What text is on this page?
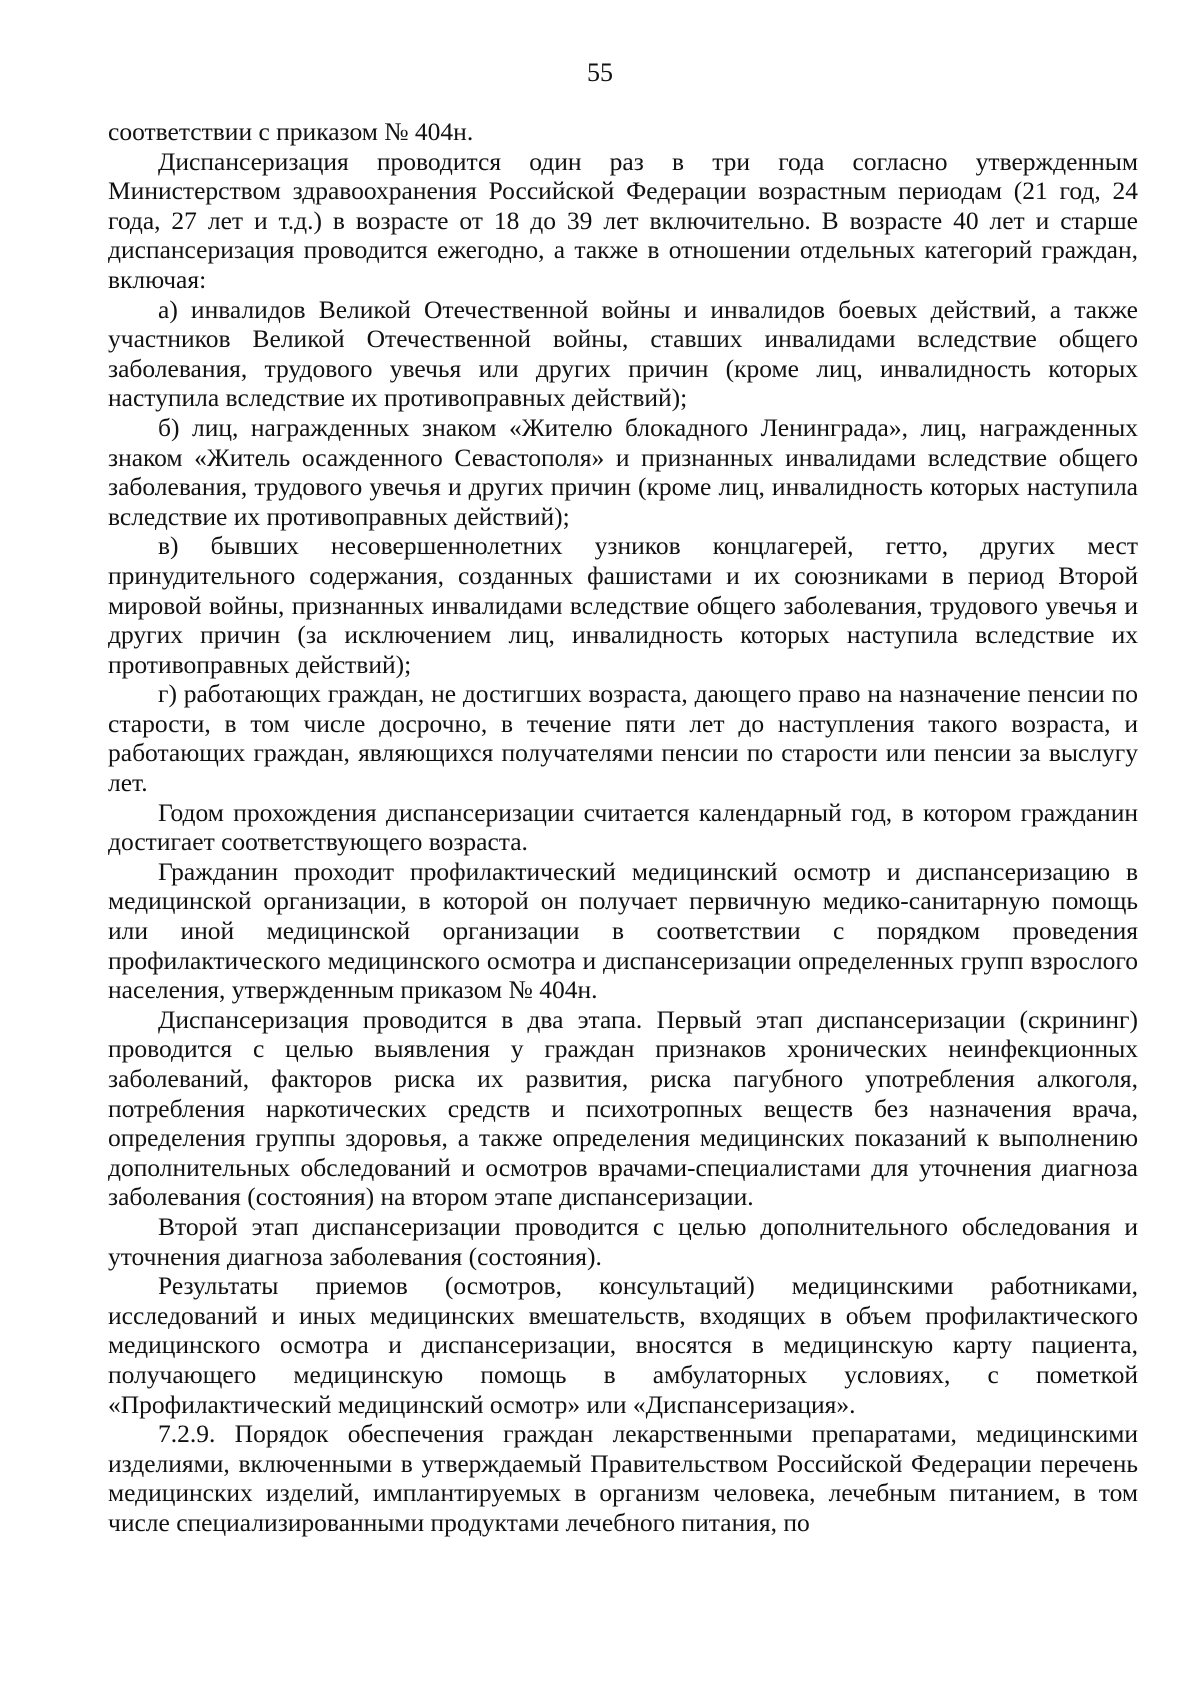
55

соответствии с приказом № 404н.

Диспансеризация проводится один раз в три года согласно утвержденным Министерством здравоохранения Российской Федерации возрастным периодам (21 год, 24 года, 27 лет и т.д.) в возрасте от 18 до 39 лет включительно. В возрасте 40 лет и старше диспансеризация проводится ежегодно, а также в отношении отдельных категорий граждан, включая:

а) инвалидов Великой Отечественной войны и инвалидов боевых действий, а также участников Великой Отечественной войны, ставших инвалидами вследствие общего заболевания, трудового увечья или других причин (кроме лиц, инвалидность которых наступила вследствие их противоправных действий);

б) лиц, награжденных знаком «Жителю блокадного Ленинграда», лиц, награжденных знаком «Житель осажденного Севастополя» и признанных инвалидами вследствие общего заболевания, трудового увечья и других причин (кроме лиц, инвалидность которых наступила вследствие их противоправных действий);

в) бывших несовершеннолетних узников концлагерей, гетто, других мест принудительного содержания, созданных фашистами и их союзниками в период Второй мировой войны, признанных инвалидами вследствие общего заболевания, трудового увечья и других причин (за исключением лиц, инвалидность которых наступила вследствие их противоправных действий);

г) работающих граждан, не достигших возраста, дающего право на назначение пенсии по старости, в том числе досрочно, в течение пяти лет до наступления такого возраста, и работающих граждан, являющихся получателями пенсии по старости или пенсии за выслугу лет.

Годом прохождения диспансеризации считается календарный год, в котором гражданин достигает соответствующего возраста.

Гражданин проходит профилактический медицинский осмотр и диспансеризацию в медицинской организации, в которой он получает первичную медико-санитарную помощь или иной медицинской организации в соответствии с порядком проведения профилактического медицинского осмотра и диспансеризации определенных групп взрослого населения, утвержденным приказом № 404н.

Диспансеризация проводится в два этапа. Первый этап диспансеризации (скрининг) проводится с целью выявления у граждан признаков хронических неинфекционных заболеваний, факторов риска их развития, риска пагубного употребления алкоголя, потребления наркотических средств и психотропных веществ без назначения врача, определения группы здоровья, а также определения медицинских показаний к выполнению дополнительных обследований и осмотров врачами-специалистами для уточнения диагноза заболевания (состояния) на втором этапе диспансеризации.

Второй этап диспансеризации проводится с целью дополнительного обследования и уточнения диагноза заболевания (состояния).

Результаты приемов (осмотров, консультаций) медицинскими работниками, исследований и иных медицинских вмешательств, входящих в объем профилактического медицинского осмотра и диспансеризации, вносятся в медицинскую карту пациента, получающего медицинскую помощь в амбулаторных условиях, с пометкой «Профилактический медицинский осмотр» или «Диспансеризация».

7.2.9. Порядок обеспечения граждан лекарственными препаратами, медицинскими изделиями, включенными в утверждаемый Правительством Российской Федерации перечень медицинских изделий, имплантируемых в организм человека, лечебным питанием, в том числе специализированными продуктами лечебного питания, по
